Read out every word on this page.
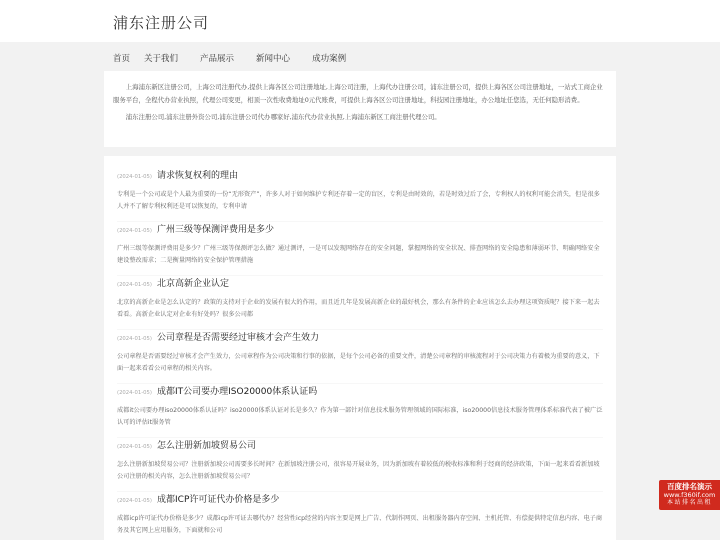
浦东注册公司
首页 关于我们	产品展示	新闻中心	成功案例

上海浦东新区注册公司，上海公司注册代办,提供上海各区公司注册地址,上海公司注册，上海代办注册公司，浦东注册公司，提供上海各区公司注册地址，一站式工商企业服务平台，全程代办营业执照，代理公司变更，相顶一次性收费地址0元代账费，可提供上海各区公司注册地址，科技园注册地址，办公地址任您选，无任何隐形消费。

浦东注册公司,浦东注册外资公司,浦东注册公司代办哪家好,浦东代办营业执照,上海浦东新区工商注册代理公司。

(2024-01-05) 请求恢复权利的理由
专利是一个公司或是个人最为重要的一份“无形资产”，许多人对于如何维护专利还存着一定的盲区，专利是由时效的，若是时效过后了会，专利权人的权利可能会消失，但是很多人并不了解专利权利还是可以恢复的，专利申请
(2024-01-05) 广州三级等保测评费用是多少
广州三级等保测评费用是多少？广州三级等保测评怎么做？通过测评，一是可以发现网络存在的安全问题，掌握网络的安全状况、排查网络的安全隐患和薄弱环节、明确网络安全建设整改需求；二是衡量网络的安全保护管理措施
(2024-01-05) 北京高新企业认定
北京的高新企业是怎么认定的？政策的支持对于企业的发展有很大的作用，而且近几年是发展高新企业的最好机会，那么有条件的企业应该怎么去办理这项资质呢？接下来一起去看看。高新企业认定对企业有好处吗？很多公司都
(2024-01-05) 公司章程是否需要经过审核才会产生效力
公司章程是否需要经过审核才会产生效力，公司章程作为公司决策和行事的依据，是每个公司必备的重要文件，清楚公司章程的审核流程对于公司决策力有着极为重要的意义，下面一起来看看公司章程的相关内容。
(2024-01-05) 成都IT公司要办理ISO20000体系认证吗
成都it公司要办理iso20000体系认证吗？iso20000体系认证对长是多久？作为第一部针对信息技术服务管理领域的国际标准，iso20000信息技术服务管理体系标准代表了被广泛认可的评估it服务管
(2024-01-05) 怎么注册新加坡贸易公司
怎么注册新加坡贸易公司？注册新加坡公司需要多长时间？在新加坡注册公司，很容易开展业务，因为新加坡有着较低的税收标准和利于经商的经济政策，下面一起来看看新加坡公司注册的相关内容，怎么注册新加坡贸易公司？
(2024-01-05) 成都ICP许可证代办价格是多少
成都icp许可证代办价格是多少？成都icp许可证去哪代办？经营性icp经营的内容主要是网上广告、代制作网页、出租服务器内存空间、主机托管、有偿提供特定信息内容、电子商务及其它网上应用服务，下面就和公司
百度排名演示
www.f360if.com
本站排名出租
